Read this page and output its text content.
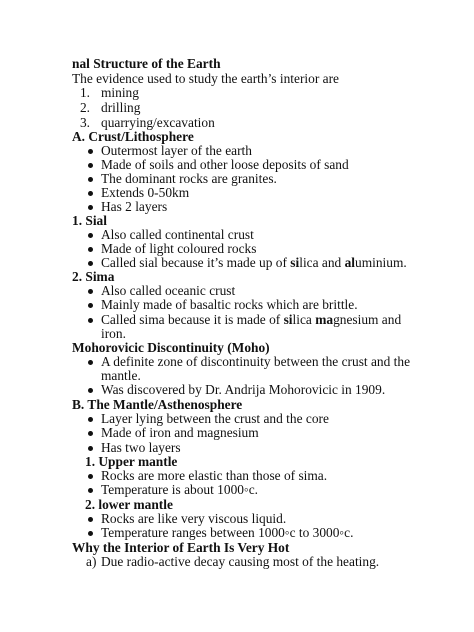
nal Structure of the Earth
The evidence used to study the earth’s interior are
1. mining
2. drilling
3. quarrying/excavation
A. Crust/Lithosphere
Outermost layer of the earth
Made of soils and other loose deposits of sand
The dominant rocks are granites.
Extends 0-50km
Has 2 layers
1. Sial
Also called continental crust
Made of light coloured rocks
Called sial because it’s made up of silica and aluminium.
2. Sima
Also called oceanic crust
Mainly made of basaltic rocks which are brittle.
Called sima because it is made of silica magnesium and
iron.
Mohorovicic Discontinuity (Moho)
A definite zone of discontinuity between the crust and the
mantle.
Was discovered by Dr. Andrija Mohorovicic in 1909.
B. The Mantle/Asthenosphere
Layer lying between the crust and the core
Made of iron and magnesium
Has two layers
1. Upper mantle
Rocks are more elastic than those of sima.
Temperature is about 1000◦c.
2. lower mantle
Rocks are like very viscous liquid.
Temperature ranges between 1000◦c to 3000◦c.
Why the Interior of Earth Is Very Hot
a) Due radio-active decay causing most of the heating.
